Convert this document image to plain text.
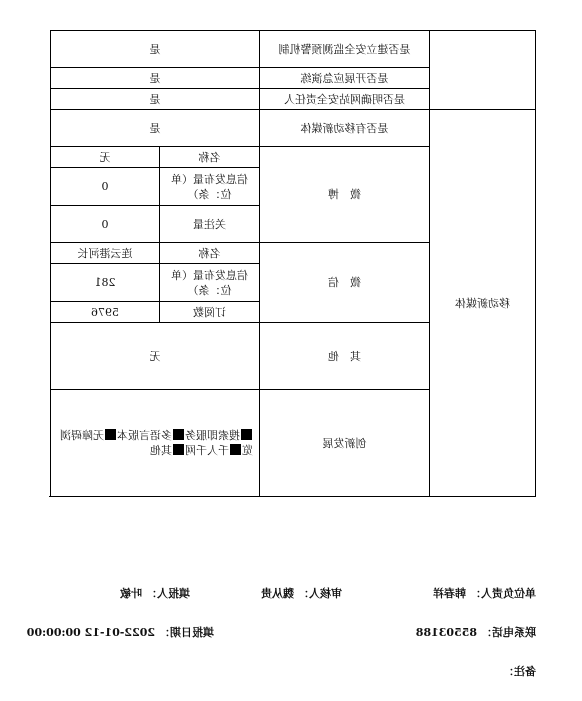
	是否建立安全监测预警机制	是	
	是否开展应急演练	是	
	是否明确网站安全责任人	是	
移动新媒体	是否有移动新媒体	是	
	微　博	名称	无
		信息发布量（单位：条）	0
		关注量	0
	微　信	名称	连云港河长
		信息发布量（单位：条）	281
		订阅数	5976
	其　他	无	
	创新发展	搜索即服务多语言版本无障碍浏览千人千网其他	
单位负责人：韩春祥
审核人：魏从贵
填报人：叶敏
联系电话：85503188
填报日期：2022-01-12 00:00:00
备注：
